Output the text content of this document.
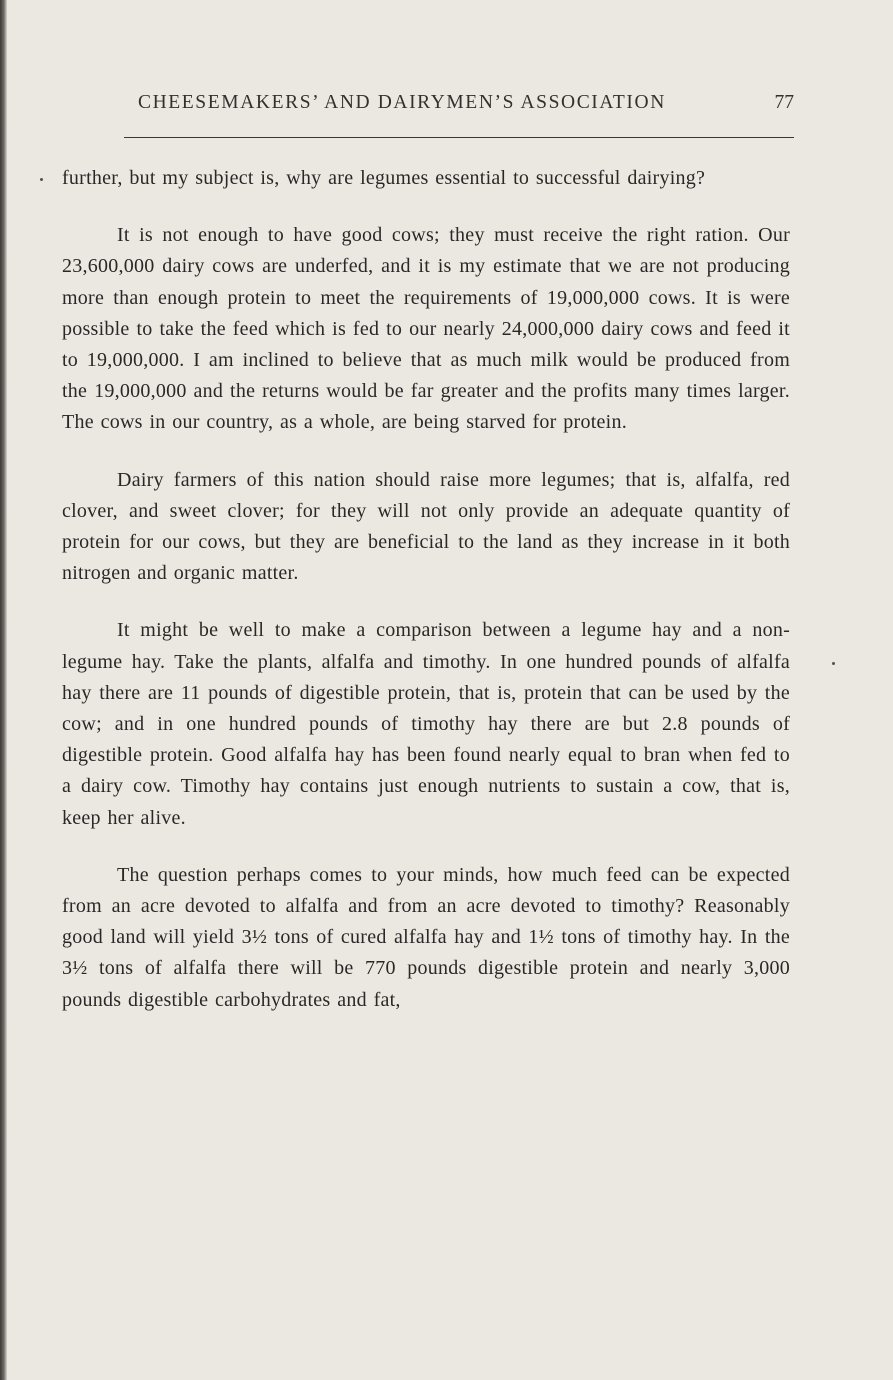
CHEESEMAKERS’ AND DAIRYMEN’S ASSOCIATION	77

further, but my subject is, why are legumes essential to successful dairying?

It is not enough to have good cows; they must receive the right ration. Our 23,600,000 dairy cows are underfed, and it is my estimate that we are not producing more than enough protein to meet the requirements of 19,000,000 cows. It is were possible to take the feed which is fed to our nearly 24,000,000 dairy cows and feed it to 19,000,000. I am inclined to believe that as much milk would be produced from the 19,000,000 and the returns would be far greater and the profits many times larger. The cows in our country, as a whole, are being starved for protein.

Dairy farmers of this nation should raise more legumes; that is, alfalfa, red clover, and sweet clover; for they will not only provide an adequate quantity of protein for our cows, but they are beneficial to the land as they increase in it both nitrogen and organic matter.

It might be well to make a comparison between a legume hay and a non-legume hay. Take the plants, alfalfa and timothy. In one hundred pounds of alfalfa hay there are 11 pounds of digestible protein, that is, protein that can be used by the cow; and in one hundred pounds of timothy hay there are but 2.8 pounds of digestible protein. Good alfalfa hay has been found nearly equal to bran when fed to a dairy cow. Timothy hay contains just enough nutrients to sustain a cow, that is, keep her alive.

The question perhaps comes to your minds, how much feed can be expected from an acre devoted to alfalfa and from an acre devoted to timothy? Reasonably good land will yield 3½ tons of cured alfalfa hay and 1½ tons of timothy hay. In the 3½ tons of alfalfa there will be 770 pounds digestible protein and nearly 3,000 pounds digestible carbohydrates and fat,
